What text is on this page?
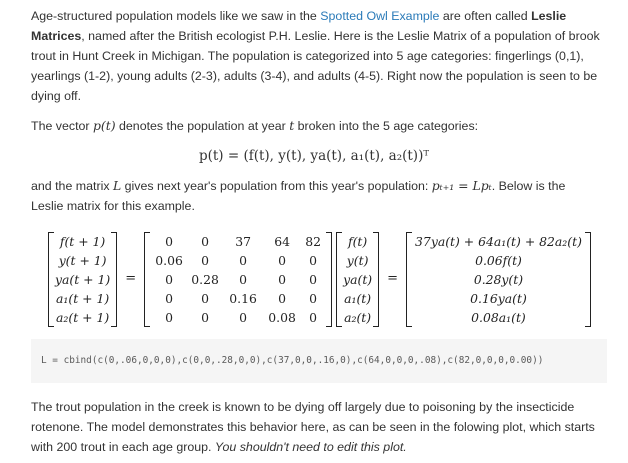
Age-structured population models like we saw in the Spotted Owl Example are often called Leslie Matrices, named after the British ecologist P.H. Leslie. Here is the Leslie Matrix of a population of brook trout in Hunt Creek in Michigan. The population is categorized into 5 age categories: fingerlings (0,1), yearlings (1-2), young adults (2-3), adults (3-4), and adults (4-5). Right now the population is seen to be dying off.

The vector p(t) denotes the population at year t broken into the 5 age categories:

p(t) = (f(t), y(t), ya(t), a₁(t), a₂(t))ᵀ

and the matrix L gives next year's population from this year's population: pₜ₊₁ = Lpₜ. Below is the Leslie matrix for this example.

f(t + 1)
y(t + 1)
ya(t + 1)
a₁(t + 1)
a₂(t + 1)
=
0	0	37	64	82
0.06	0	0	0	0
0	0.28	0	0	0
0	0	0.16	0	0
0	0	0	0.08	0
f(t)
y(t)
ya(t)
a₁(t)
a₂(t)
=
37ya(t) + 64a₁(t) + 82a₂(t)
0.06f(t)
0.28y(t)
0.16ya(t)
0.08a₁(t)
L = cbind(c(0,.06,0,0,0),c(0,0,.28,0,0),c(37,0,0,.16,0),c(64,0,0,0,.08),c(82,0,0,0,0.00))

The trout population in the creek is known to be dying off largely due to poisoning by the insecticide rotenone. The model demonstrates this behavior here, as can be seen in the folowing plot, which starts with 200 trout in each age group. You shouldn't need to edit this plot.
